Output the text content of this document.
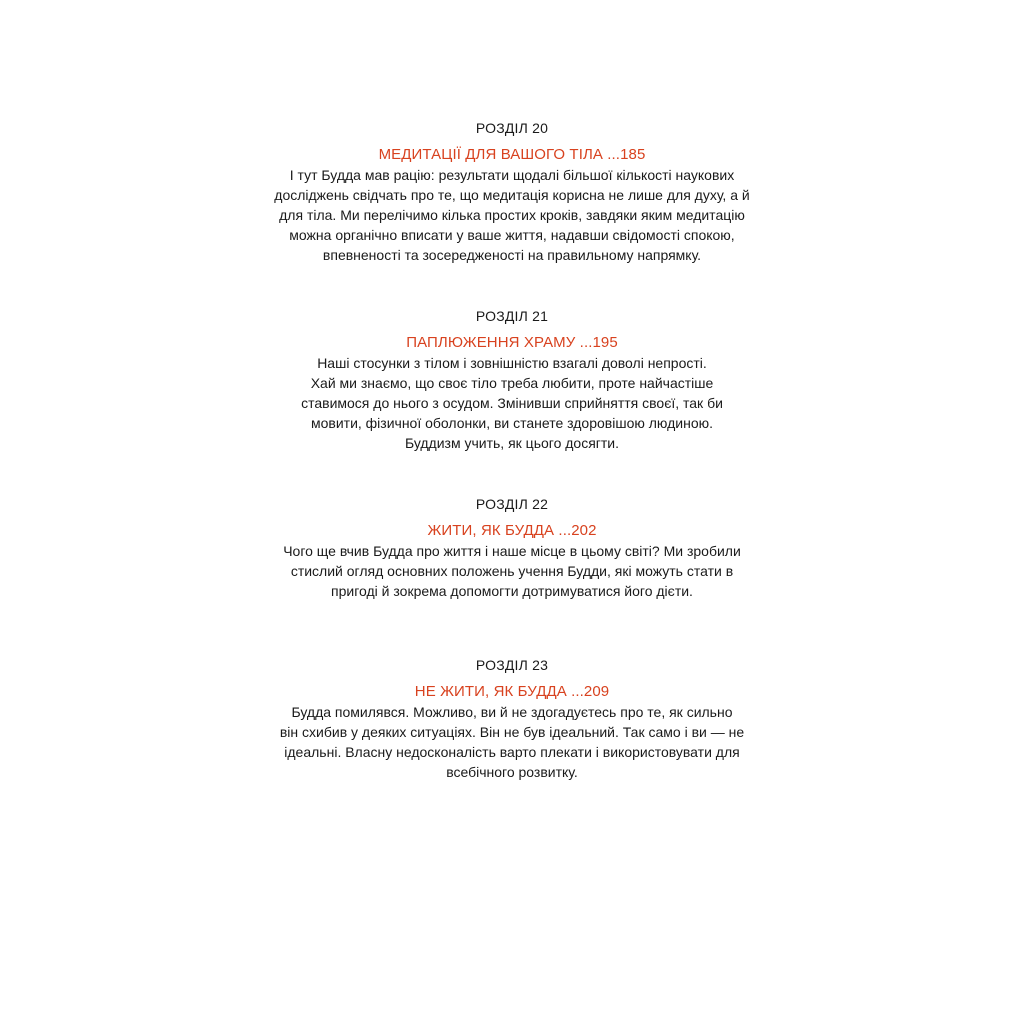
РОЗДІЛ 20

МЕДИТАЦІЇ ДЛЯ ВАШОГО ТІЛА ...185

І тут Будда мав рацію: результати щодалі більшої кількості наукових
досліджень свідчать про те, що медитація корисна не лише для духу, а й
для тіла. Ми перелічимо кілька простих кроків, завдяки яким медитацію
можна органічно вписати у ваше життя, надавши свідомості спокою,
впевненості та зосередженості на правильному напрямку.

РОЗДІЛ 21

ПАПЛЮЖЕННЯ ХРАМУ ...195

Наші стосунки з тілом і зовнішністю взагалі доволі непрості.
Хай ми знаємо, що своє тіло треба любити, проте найчастіше
ставимося до нього з осудом. Змінивши сприйняття своєї, так би
мовити, фізичної оболонки, ви станете здоровішою людиною.
Буддизм учить, як цього досягти.

РОЗДІЛ 22

ЖИТИ, ЯК БУДДА ...202

Чого ще вчив Будда про життя і наше місце в цьому світі? Ми зробили
стислий огляд основних положень учення Будди, які можуть стати в
пригоді й зокрема допомогти дотримуватися його дієти.

РОЗДІЛ 23

НЕ ЖИТИ, ЯК БУДДА ...209

Будда помилявся. Можливо, ви й не здогадуєтесь про те, як сильно
він схибив у деяких ситуаціях. Він не був ідеальний. Так само і ви — не
ідеальні. Власну недосконалість варто плекати і використовувати для
всебічного розвитку.
